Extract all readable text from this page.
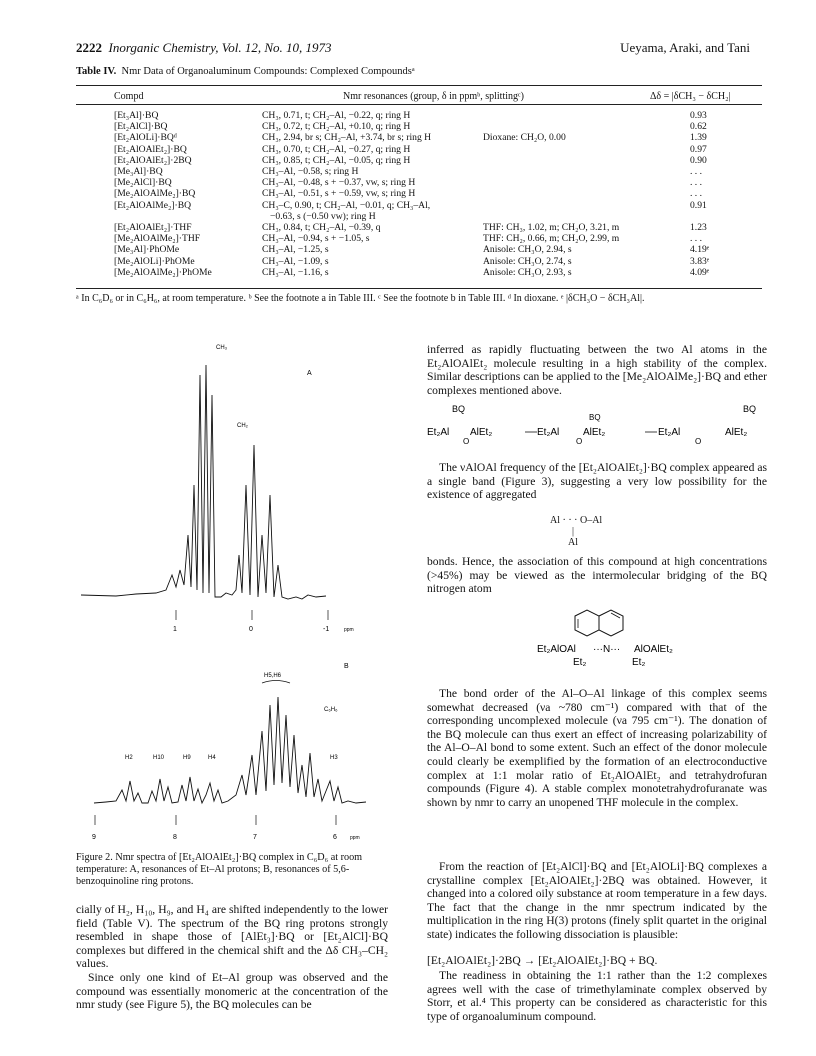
2222 Inorganic Chemistry, Vol. 12, No. 10, 1973	Ueyama, Araki, and Tani
Table IV. Nmr Data of Organoaluminum Compounds: Complexed Compoundsᵃ
Compd	Nmr resonances (group, δ in ppmᵇ, splittingᶜ)	Δδ = |δCH₃ − δCH₂|
[Et₃Al]·BQ	CH₃, 0.71, t; CH₂–Al, −0.22, q; ring H	0.93
[Et₂AlCl]·BQ	CH₃, 0.72, t; CH₂–Al, +0.10, q; ring H	0.62
[Et₂AlOLi]·BQᵈ	CH₃, 2.94, br s; CH₂–Al, +3.74, br s; ring H	Dioxane: CH₂O, 0.00	1.39
[Et₂AlOAlEt₂]·BQ	CH₃, 0.70, t; CH₂–Al, −0.27, q; ring H	0.97
[Et₂AlOAlEt₂]·2BQ	CH₃, 0.85, t; CH₂–Al, −0.05, q; ring H	0.90
[Me₃Al]·BQ	CH₃–Al, −0.58, s; ring H	. . .
[Me₂AlCl]·BQ	CH₃–Al, −0.48, s + −0.37, vw, s; ring H	. . .
[Me₂AlOAlMe₂]·BQ	CH₃–Al, −0.51, s + −0.59, vw, s; ring H	. . .
[Et₂AlOAlMe₂]·BQ	CH₃–C, 0.90, t; CH₂–Al, −0.01, q; CH₃–Al,	0.91
−0.63, s (−0.50 vw); ring H
[Et₂AlOAlEt₂]·THF	CH₃, 0.84, t; CH₂–Al, −0.39, q	THF: CH₃, 1.02, m; CH₂O, 3.21, m	1.23
[Me₂AlOAlMe₂]·THF	CH₃–Al, −0.94, s + −1.05, s	THF: CH₂, 0.66, m; CH₂O, 2.99, m	. . .
[Me₃Al]·PhOMe	CH₃–Al, −1.25, s	Anisole: CH₃O, 2.94, s	4.19ᵉ
[Me₂AlOLi]·PhOMe	CH₃–Al, −1.09, s	Anisole: CH₃O, 2.74, s	3.83ᵉ
[Me₂AlOAlMe₂]·PhOMe	CH₃–Al, −1.16, s	Anisole: CH₃O, 2.93, s	4.09ᵉ
ᵃ In C₆D₆ or in C₆H₆, at room temperature. ᵇ See the footnote a in Table III. ᶜ See the footnote b in Table III. ᵈ In dioxane. ᵉ |δCH₃O − δCH₃Al|.
CH₃
A
CH₂
1	0	-1	ppm
B
H5,H6
C₆H₆
H2	H10	H9	H4	H3
9	8	7	6	ppm
Figure 2. Nmr spectra of [Et₂AlOAlEt₂]·BQ complex in C₆D₆ at room temperature: A, resonances of Et–Al protons; B, resonances of 5,6-benzoquinoline ring protons.
cially of H₂, H₁₀, H₉, and H₄ are shifted independently to the lower field (Table V). The spectrum of the BQ ring protons strongly resembled in shape those of [AlEt₃]·BQ or [Et₂AlCl]·BQ complexes but differed in the chemical shift and the Δδ CH₃–CH₂ values.
Since only one kind of Et–Al group was observed and the compound was essentially monomeric at the concentration of the nmr study (see Figure 5), the BQ molecules can be
inferred as rapidly fluctuating between the two Al atoms in the Et₂AlOAlEt₂ molecule resulting in a high stability of the complex. Similar descriptions can be applied to the [Me₂AlOAlMe₂]·BQ and ether complexes mentioned above.
BQ
BQ
BQ
Et₂Al AlEt₂
O
Et₂Al AlEt₂
O
Et₂Al	AlEt₂
O
The νAlOAl frequency of the [Et₂AlOAlEt₂]·BQ complex appeared as a single band (Figure 3), suggesting a very low possibility for the existence of aggregated
Al · · · O–Al
|
Al
bonds. Hence, the association of this compound at high concentrations (>45%) may be viewed as the intermolecular bridging of the BQ nitrogen atom
Et₂AlOAl ···N··· AlOAlEt₂
Et₂	Et₂
The bond order of the Al–O–Al linkage of this complex seems somewhat decreased (νa ~780 cm⁻¹) compared with that of the corresponding uncomplexed molecule (νa 795 cm⁻¹). The donation of the BQ molecule can thus exert an effect of increasing polarizability of the Al–O–Al bond to some extent. Such an effect of the donor molecule could clearly be exemplified by the formation of an electroconductive complex at 1:1 molar ratio of Et₂AlOAlEt₂ and tetrahydrofuran compounds (Figure 4). A stable complex monotetrahydrofuranate was shown by nmr to carry an unopened THF molecule in the complex.
From the reaction of [Et₂AlCl]·BQ and [Et₂AlOLi]·BQ complexes a crystalline complex [Et₂AlOAlEt₂]·2BQ was obtained. However, it changed into a colored oily substance at room temperature in a few days. The fact that the change in the nmr spectrum indicated by the multiplication in the ring H(3) protons (finely split quartet in the original state) indicates the following dissociation is plausible:
[Et₂AlOAlEt₂]·2BQ → [Et₂AlOAlEt₂]·BQ + BQ.
The readiness in obtaining the 1:1 rather than the 1:2 complexes agrees well with the case of trimethylaminate complex observed by Storr, et al.⁴ This property can be considered as characteristic for this type of organoaluminum compound.
